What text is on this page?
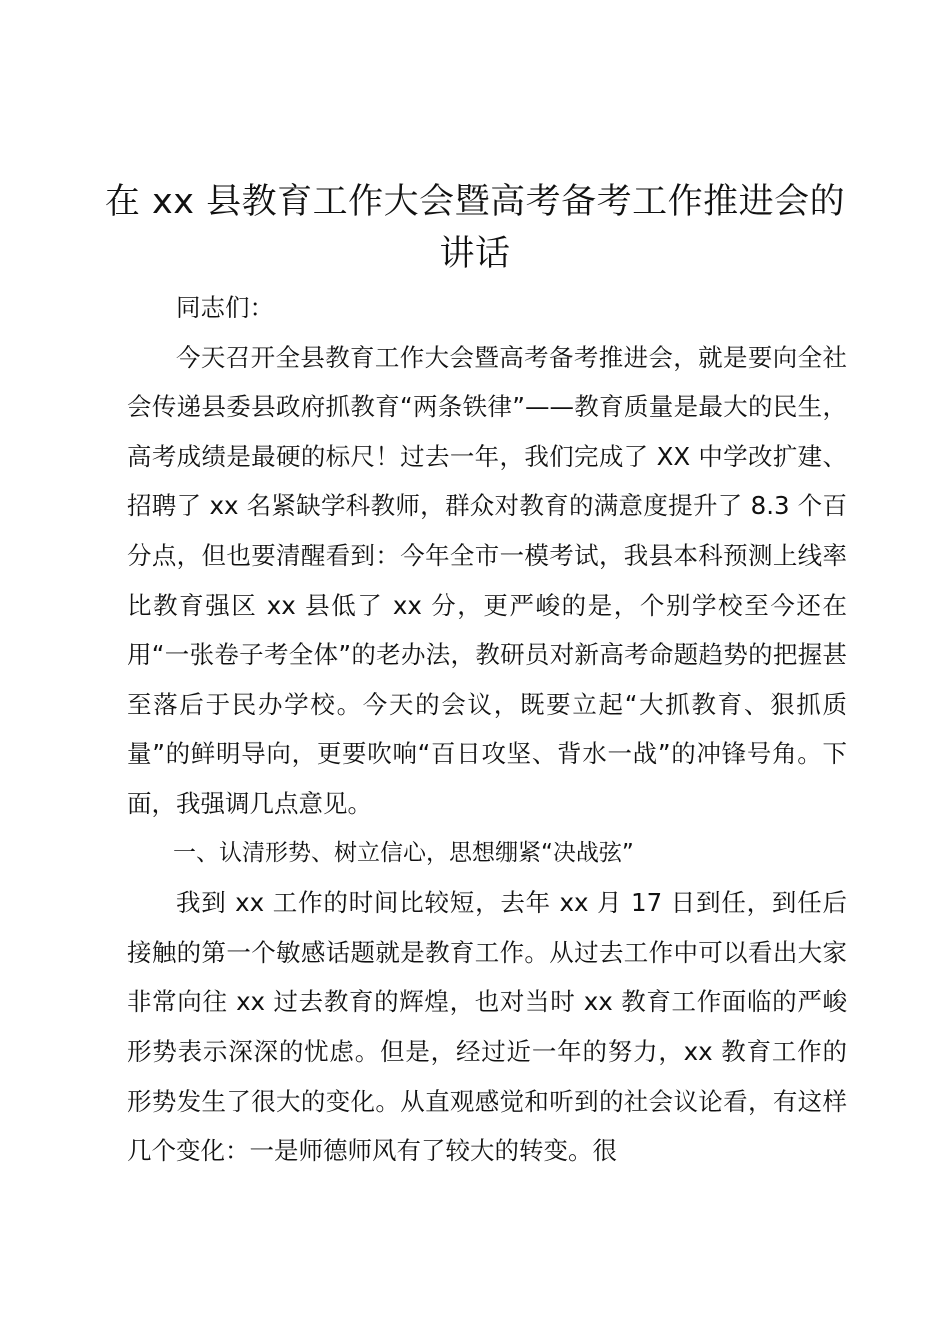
在 xx 县教育工作大会暨高考备考工作推进会的讲话

同志们：

今天召开全县教育工作大会暨高考备考推进会，就是要向全社会传递县委县政府抓教育“两条铁律”——教育质量是最大的民生，高考成绩是最硬的标尺！过去一年，我们完成了 XX 中学改扩建、招聘了 xx 名紧缺学科教师，群众对教育的满意度提升了 8.3 个百分点，但也要清醒看到：今年全市一模考试，我县本科预测上线率比教育强区 xx 县低了 xx 分，更严峻的是，个别学校至今还在用“一张卷子考全体”的老办法，教研员对新高考命题趋势的把握甚至落后于民办学校。今天的会议，既要立起“大抓教育、狠抓质量”的鲜明导向，更要吹响“百日攻坚、背水一战”的冲锋号角。下面，我强调几点意见。

一、认清形势、树立信心，思想绷紧“决战弦”

我到 xx 工作的时间比较短，去年 xx 月 17 日到任，到任后接触的第一个敏感话题就是教育工作。从过去工作中可以看出大家非常向往 xx 过去教育的辉煌，也对当时 xx 教育工作面临的严峻形势表示深深的忧虑。但是，经过近一年的努力，xx 教育工作的形势发生了很大的变化。从直观感觉和听到的社会议论看，有这样几个变化：一是师德师风有了较大的转变。很
